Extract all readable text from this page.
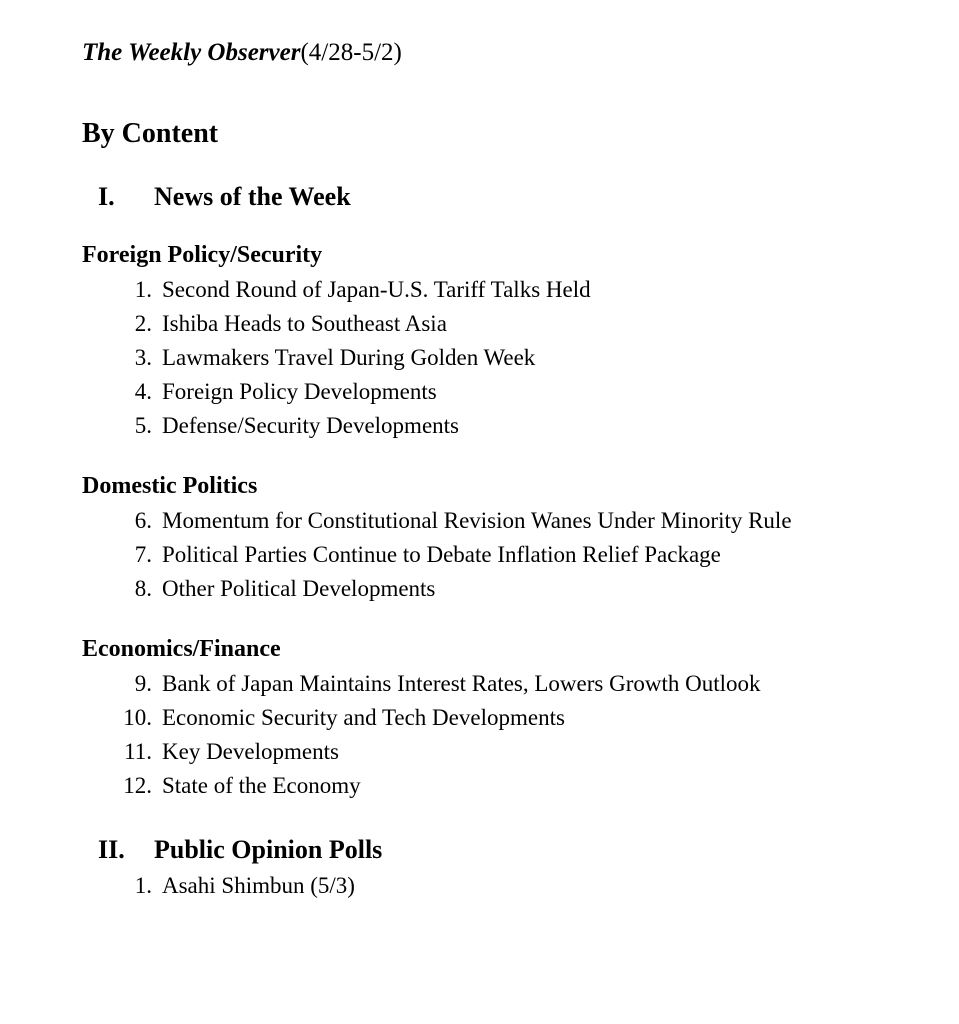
The Weekly Observer(4/28-5/2)

By Content
I.	News of the Week
Foreign Policy/Security
1. Second Round of Japan-U.S. Tariff Talks Held
2. Ishiba Heads to Southeast Asia
3. Lawmakers Travel During Golden Week
4. Foreign Policy Developments
5. Defense/Security Developments
Domestic Politics
6. Momentum for Constitutional Revision Wanes Under Minority Rule
7. Political Parties Continue to Debate Inflation Relief Package
8. Other Political Developments
Economics/Finance
9. Bank of Japan Maintains Interest Rates, Lowers Growth Outlook
10. Economic Security and Tech Developments
11. Key Developments
12. State of the Economy
II.	Public Opinion Polls
1. Asahi Shimbun (5/3)
